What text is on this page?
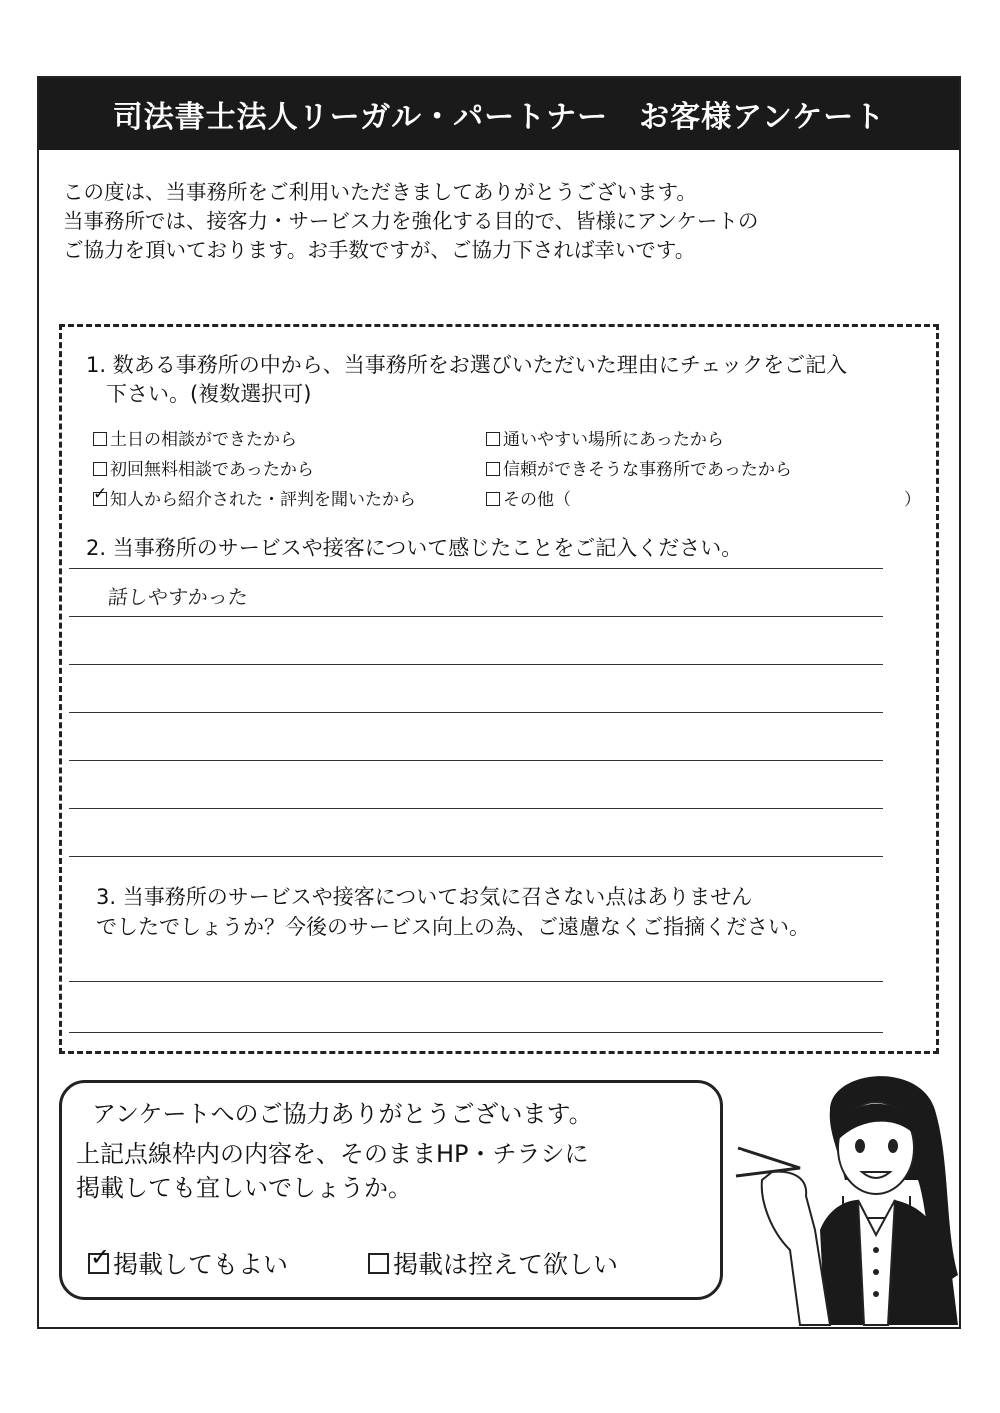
司法書士法人リーガル・パートナー　お客様アンケート
この度は、当事務所をご利用いただきましてありがとうございます。
当事務所では、接客力・サービス力を強化する目的で、皆様にアンケートの
ご協力を頂いております。お手数ですが、ご協力下されば幸いです。
1. 数ある事務所の中から、当事務所をお選びいただいた理由にチェックをご記入
下さい。(複数選択可)
土日の相談ができたから	通いやすい場所にあったから
初回無料相談であったから	信頼ができそうな事務所であったから
✓ 知人から紹介された・評判を聞いたから	その他（	）
2. 当事務所のサービスや接客について感じたことをご記入ください。
話しやすかった
3. 当事務所のサービスや接客についてお気に召さない点はありません
でしたでしょうか？今後のサービス向上の為、ご遠慮なくご指摘ください。
アンケートへのご協力ありがとうございます。
上記点線枠内の内容を、そのままHP・チラシに
掲載しても宜しいでしょうか。
✓ 掲載してもよい	掲載は控えて欲しい
